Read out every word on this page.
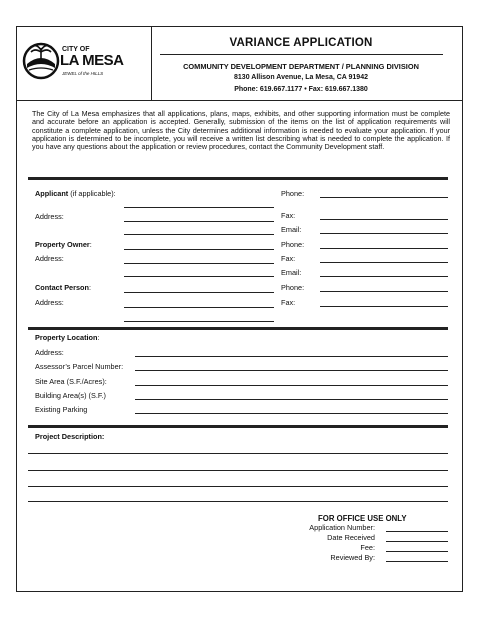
CITY OF
LA MESA
JEWEL of the HILLS
VARIANCE APPLICATION
COMMUNITY DEVELOPMENT DEPARTMENT / PLANNING DIVISION
8130 Allison Avenue, La Mesa, CA 91942
Phone: 619.667.1177 • Fax: 619.667.1380
The City of La Mesa emphasizes that all applications, plans, maps, exhibits, and other supporting information must be complete and accurate before an application is accepted. Generally, submission of the items on the list of application requirements will constitute a complete application, unless the City determines additional information is needed to evaluate your application. If your application is determined to be incomplete, you will receive a written list describing what is needed to complete the application. If you have any questions about the application or review procedures, contact the Community Development staff.
Applicant (if applicable):
Address:
Property Owner:
Address:
Contact Person:
Address:
Phone:
Fax:
Email:
Phone:
Fax:
Email:
Phone:
Fax:
Property Location:
Address:
Assessor’s Parcel Number:
Site Area (S.F./Acres):
Building Area(s) (S.F.)
Existing Parking
Project Description:
FOR OFFICE USE ONLY
Application Number:
Date Received
Fee:
Reviewed By:
